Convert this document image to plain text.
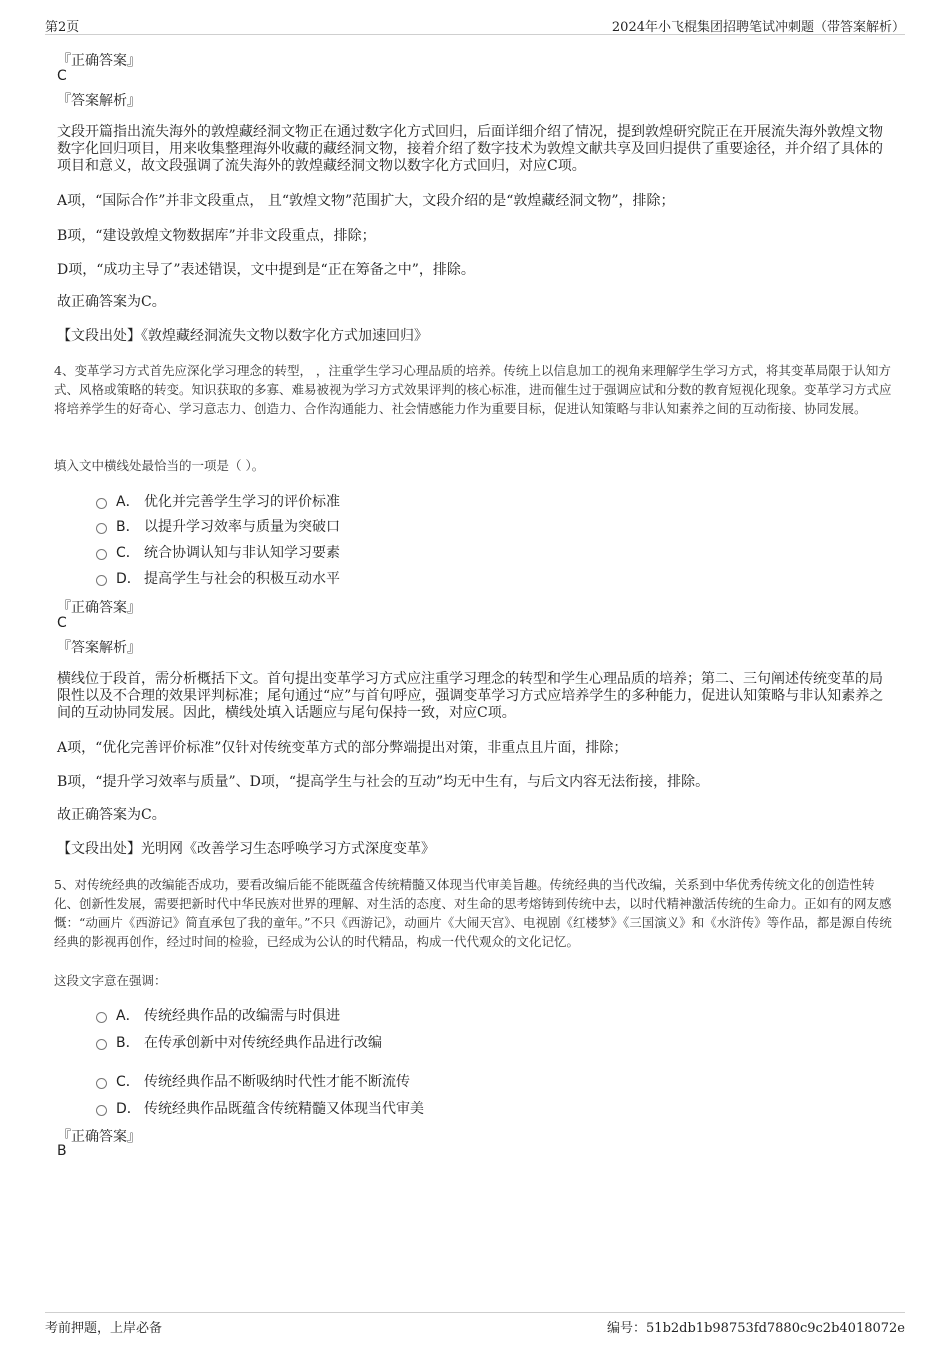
第2页	2024年小飞棍集团招聘笔试冲刺题（带答案解析）
『正确答案』
C
『答案解析』
文段开篇指出流失海外的敦煌藏经洞文物正在通过数字化方式回归，后面详细介绍了情况，提到敦煌研究院正在开展流失海外敦煌文物数字化回归项目，用来收集整理海外收藏的藏经洞文物，接着介绍了数字技术为敦煌文献共享及回归提供了重要途径，并介绍了具体的项目和意义，故文段强调了流失海外的敦煌藏经洞文物以数字化方式回归，对应C项。
A项，“国际合作”并非文段重点， 且“敦煌文物”范围扩大，文段介绍的是“敦煌藏经洞文物”，排除；
B项，“建设敦煌文物数据库”并非文段重点，排除；
D项，“成功主导了”表述错误，文中提到是“正在筹备之中”，排除。
故正确答案为C。
【文段出处】《敦煌藏经洞流失文物以数字化方式加速回归》
4、变革学习方式首先应深化学习理念的转型， ，注重学生学习心理品质的培养。传统上以信息加工的视角来理解学生学习方式，将其变革局限于认知方式、风格或策略的转变。知识获取的多寡、难易被视为学习方式效果评判的核心标准，进而催生过于强调应试和分数的教育短视化现象。变革学习方式应将培养学生的好奇心、学习意志力、创造力、合作沟通能力、社会情感能力作为重要目标，促进认知策略与非认知素养之间的互动衔接、协同发展。
填入文中横线处最恰当的一项是（ ）。
A． 优化并完善学生学习的评价标准
B． 以提升学习效率与质量为突破口
C． 统合协调认知与非认知学习要素
D． 提高学生与社会的积极互动水平
『正确答案』
C
『答案解析』
横线位于段首，需分析概括下文。首句提出变革学习方式应注重学习理念的转型和学生心理品质的培养；第二、三句阐述传统变革的局限性以及不合理的效果评判标准；尾句通过“应”与首句呼应，强调变革学习方式应培养学生的多种能力，促进认知策略与非认知素养之间的互动协同发展。因此，横线处填入话题应与尾句保持一致，对应C项。
A项，“优化完善评价标准”仅针对传统变革方式的部分弊端提出对策，非重点且片面，排除；
B项，“提升学习效率与质量”、D项，“提高学生与社会的互动”均无中生有，与后文内容无法衔接，排除。
故正确答案为C。
【文段出处】光明网《改善学习生态呼唤学习方式深度变革》
5、对传统经典的改编能否成功，要看改编后能不能既蕴含传统精髓又体现当代审美旨趣。传统经典的当代改编，关系到中华优秀传统文化的创造性转化、创新性发展，需要把新时代中华民族对世界的理解、对生活的态度、对生命的思考熔铸到传统中去，以时代精神激活传统的生命力。正如有的网友感慨：“动画片《西游记》简直承包了我的童年。”不只《西游记》，动画片《大闹天宫》、电视剧《红楼梦》《三国演义》和《水浒传》等作品，都是源自传统经典的影视再创作，经过时间的检验，已经成为公认的时代精品，构成一代代观众的文化记忆。
这段文字意在强调：
A． 传统经典作品的改编需与时俱进
B． 在传承创新中对传统经典作品进行改编
C． 传统经典作品不断吸纳时代性才能不断流传
D． 传统经典作品既蕴含传统精髓又体现当代审美
『正确答案』
B
考前押题，上岸必备	编号：51b2db1b98753fd7880c9c2b4018072e
